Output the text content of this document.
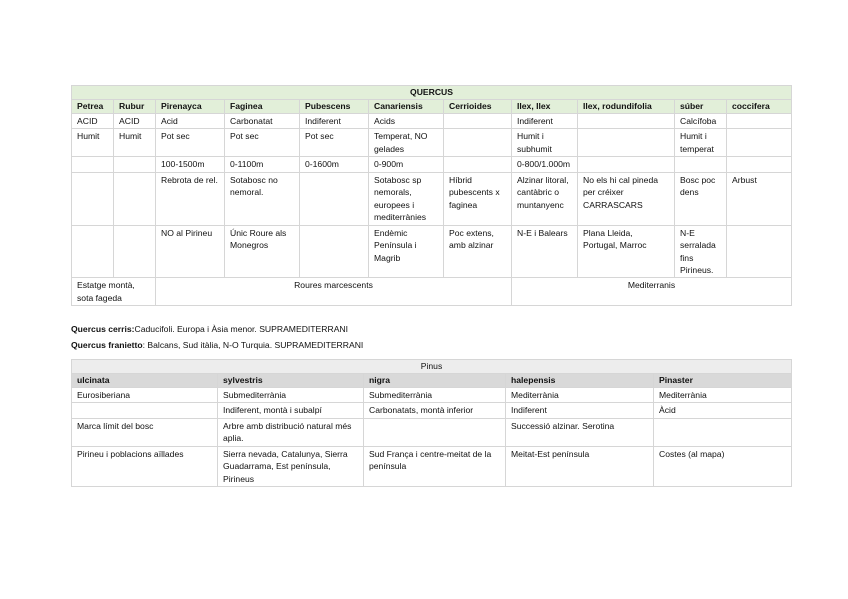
QUERCUS										
Petrea	Rubur	Pirenayca	Faginea	Pubescens	Canariensis	Cerrioides	Ilex, Ilex	Ilex, rodundifolia	súber	coccifera
ACID	ACID	Acid	Carbonatat	Indiferent	Acids		Indiferent		Calcífoba	
Humit	Humit	Pot sec	Pot sec	Pot sec	Temperat, NO gelades		Humit i subhumit		Humit i temperat	
		100-1500m	0-1100m	0-1600m	0-900m		0-800/1.000m			
		Rebrota de rel.	Sotabosc no nemoral.		Sotabosc sp nemorals, europees i mediterrànies	Híbrid pubescents x faginea	Alzinar litoral, cantàbric o muntanyenc	No els hi cal pineda per créixer CARRASCARS	Bosc poc dens	Arbust
		NO al Pirineu	Únic Roure als Monegros		Endèmic Península i Magrib	Poc extens, amb alzinar	N-E i Balears	Plana Lleida, Portugal, Marroc	N-E serralada fins Pirineus.	
Estatge montà, sota fageda		Roures marcescents					Mediterranis			
Quercus cerris:Caducifoli. Europa i Àsia menor. SUPRAMEDITERRANI
Quercus franietto: Balcans, Sud itàlia, N-O Turquia. SUPRAMEDITERRANI
Pinus				
ulcinata	sylvestris	nigra	halepensis	Pinaster
Eurosiberiana	Submediterrània	Submediterrània	Mediterrània	Mediterrània
	Indiferent, montà i subalpí	Carbonatats, montà inferior	Indiferent	Àcid
Marca límit del bosc	Arbre amb distribució natural més aplia.		Successió alzinar. Serotina	
Pirineu i poblacions aïllades	Sierra nevada, Catalunya, Sierra Guadarrama, Est península, Pirineus	Sud França i centre-meitat de la península	Meitat-Est península	Costes (al mapa)
